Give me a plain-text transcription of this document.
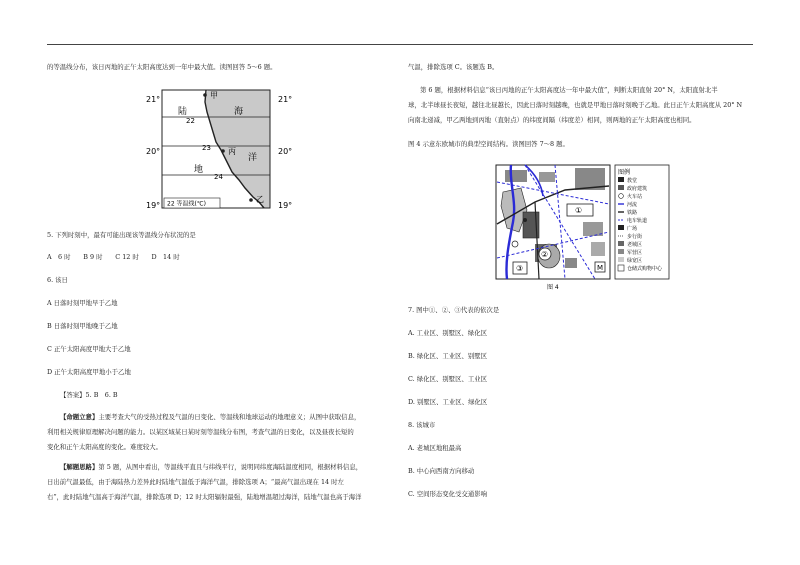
的等温线分布，该日丙地的正午太阳高度达到一年中最大值。读图回答 5～6 题。
21°	21°
20°	20°
19°	19°
陆
地
海
洋
甲
丙
乙
22
23
24
22 等温线(℃)
5. 下列时刻中，最有可能出现该等温线分布状况的是
A　6 时　　B 9 时　　C 12 时　　D　14 时
6. 该日
A 日落时刻甲地早于乙地
B 日落时刻甲地晚于乙地
C 正午太阳高度甲地大于乙地
D 正午太阳高度甲地小于乙地
【答案】5. B　6. B
【命题立意】主要考查大气的受热过程及气温的日变化、等温线和地球运动的地理意义；从图中获取信息，
利用相关规律原理解决问题的能力。以某区域某日某时刻等温线分布图，考查气温的日变化，以及昼夜长短的
变化和正午太阳高度的变化。难度较大。
【解题思路】第 5 题，从图中看出，等温线平直且与纬线平行，说明同纬度海陆温度相同，根据材料信息，
日出前气温最低，由于海陆热力差异此时陆地气温低于海洋气温，排除选项 A；“最高气温出现在 14 时左
右”，此时陆地气温高于海洋气温，排除选项 D；12 时太阳辐射最强，陆地增温超过海洋，陆地气温也高于海洋
气温，排除选项 C。该题选 B。
第 6 题，根据材料信息“该日丙地的正午太阳高度达一年中最大值”，判断太阳直射 20° N，太阳直射北半
球，北半球昼长夜短，越往北昼越长，因此日落时刻越晚，也就是甲地日落时刻晚于乙地。此日正午太阳高度从 20° N
向南北递减，甲乙两地到丙地（直射点）的纬度间隔（纬度差）相同，则两地的正午太阳高度也相同。
图 4 示意东欧城市的典型空间结构。读图回答 7～8 题。
①
②
③	M
图例
教堂
政府建筑
火车站
河流
铁路
电车轨道
广场
步行街
老城区
军营区
绿宽区
仓储式购物中心
图 4
7. 图中①、②、③代表的依次是
A. 工业区、别墅区、绿化区
B. 绿化区、工业区、别墅区
C. 绿化区、别墅区、工业区
D. 别墅区、工业区、绿化区
8. 该城市
A. 老城区地租最高
B. 中心向西南方向移动
C. 空间形态变化受交通影响
